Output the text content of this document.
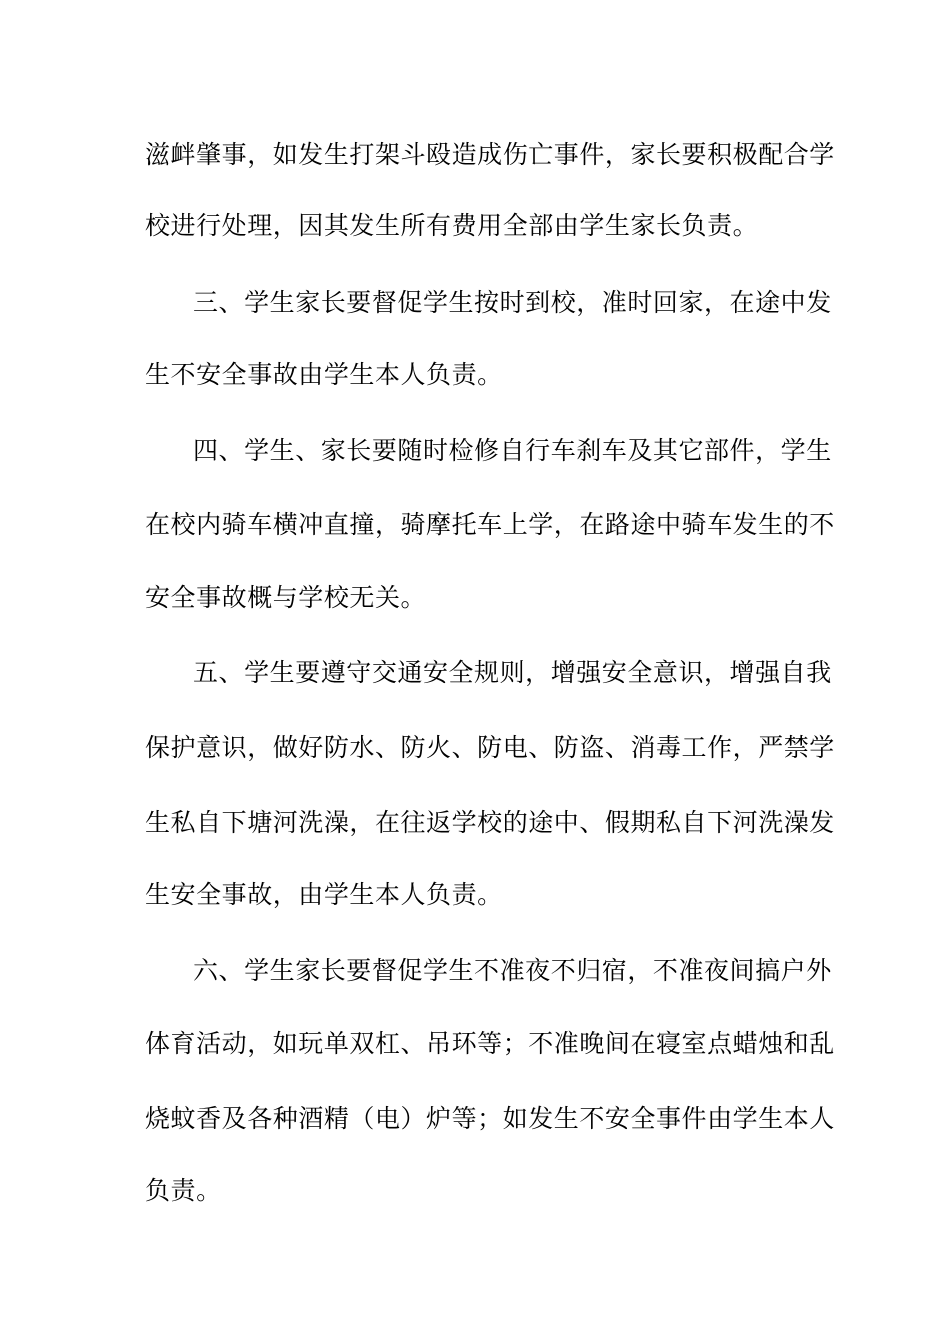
滋衅肇事，如发生打架斗殴造成伤亡事件，家长要积极配合学
校进行处理，因其发生所有费用全部由学生家长负责。
三、学生家长要督促学生按时到校，准时回家，在途中发
生不安全事故由学生本人负责。
四、学生、家长要随时检修自行车刹车及其它部件，学生
在校内骑车横冲直撞，骑摩托车上学，在路途中骑车发生的不
安全事故概与学校无关。
五、学生要遵守交通安全规则，增强安全意识，增强自我
保护意识，做好防水、防火、防电、防盗、消毒工作，严禁学
生私自下塘河洗澡，在往返学校的途中、假期私自下河洗澡发
生安全事故，由学生本人负责。
六、学生家长要督促学生不准夜不归宿，不准夜间搞户外
体育活动，如玩单双杠、吊环等；不准晚间在寝室点蜡烛和乱
烧蚊香及各种酒精（电）炉等；如发生不安全事件由学生本人
负责。
